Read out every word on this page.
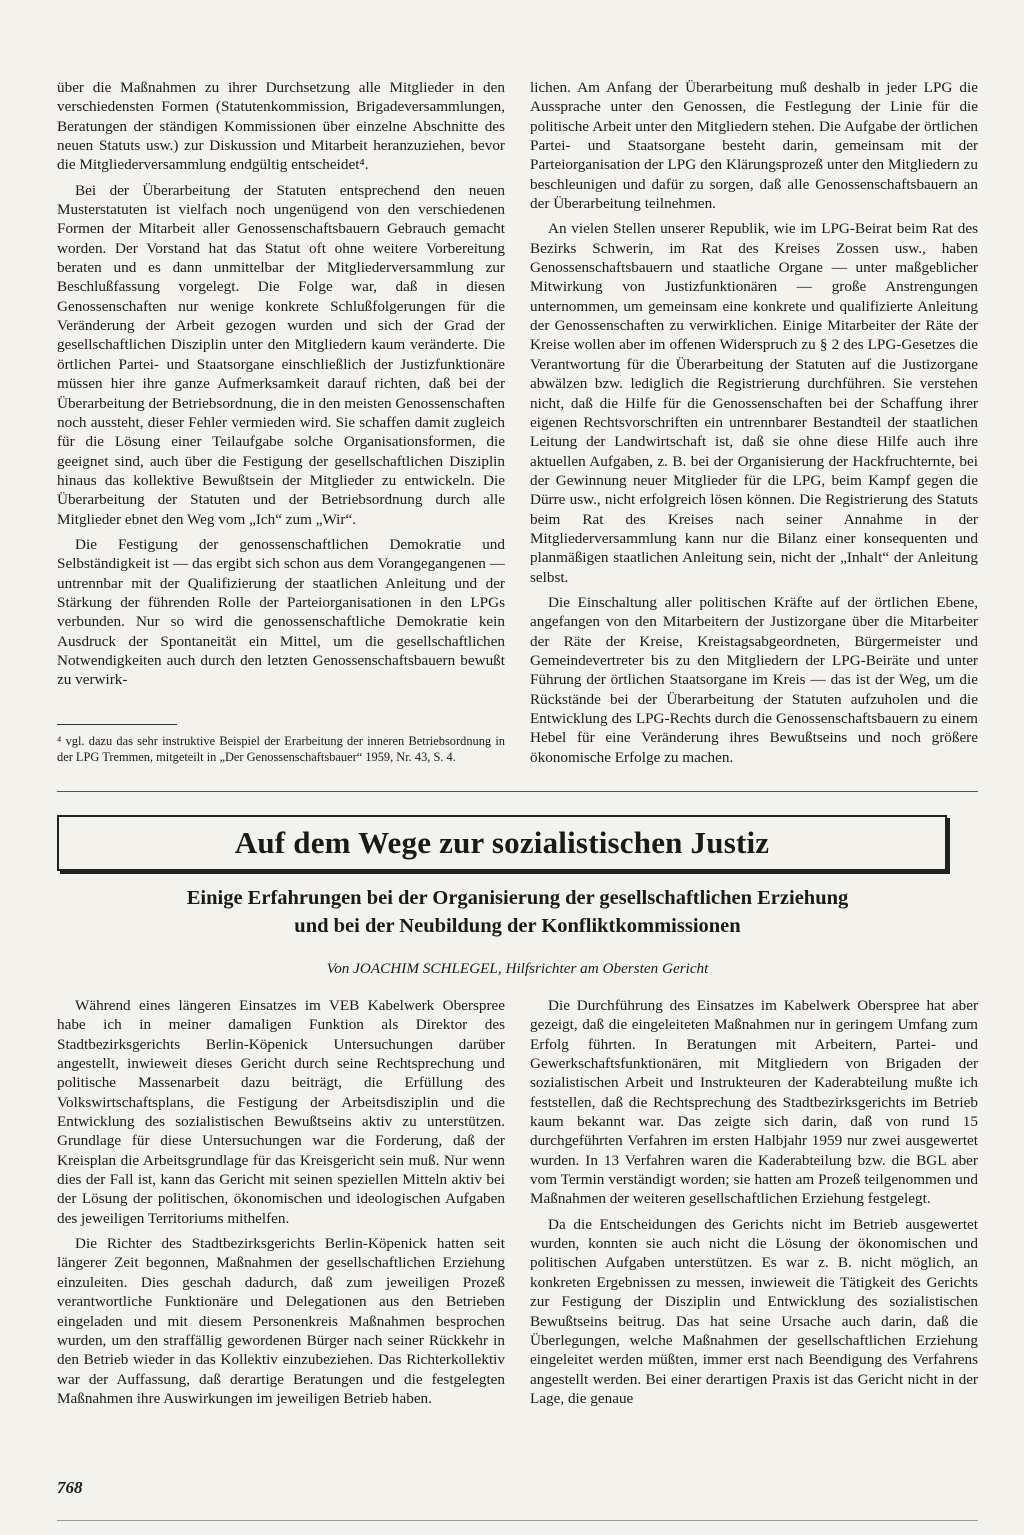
über die Maßnahmen zu ihrer Durchsetzung alle Mitglieder in den verschiedensten Formen (Statutenkommission, Brigadeversammlungen, Beratungen der ständigen Kommissionen über einzelne Abschnitte des neuen Statuts usw.) zur Diskussion und Mitarbeit heranzuziehen, bevor die Mitgliederversammlung endgültig entscheidet⁴.

Bei der Überarbeitung der Statuten entsprechend den neuen Musterstatuten ist vielfach noch ungenügend von den verschiedenen Formen der Mitarbeit aller Genossenschaftsbauern Gebrauch gemacht worden. Der Vorstand hat das Statut oft ohne weitere Vorbereitung beraten und es dann unmittelbar der Mitgliederversammlung zur Beschlußfassung vorgelegt. Die Folge war, daß in diesen Genossenschaften nur wenige konkrete Schlußfolgerungen für die Veränderung der Arbeit gezogen wurden und sich der Grad der gesellschaftlichen Disziplin unter den Mitgliedern kaum veränderte. Die örtlichen Partei- und Staatsorgane einschließlich der Justizfunktionäre müssen hier ihre ganze Aufmerksamkeit darauf richten, daß bei der Überarbeitung der Betriebsordnung, die in den meisten Genossenschaften noch aussteht, dieser Fehler vermieden wird. Sie schaffen damit zugleich für die Lösung einer Teilaufgabe solche Organisationsformen, die geeignet sind, auch über die Festigung der gesellschaftlichen Disziplin hinaus das kollektive Bewußtsein der Mitglieder zu entwickeln. Die Überarbeitung der Statuten und der Betriebsordnung durch alle Mitglieder ebnet den Weg vom „Ich“ zum „Wir“.

Die Festigung der genossenschaftlichen Demokratie und Selbständigkeit ist — das ergibt sich schon aus dem Vorangegangenen — untrennbar mit der Qualifizierung der staatlichen Anleitung und der Stärkung der führenden Rolle der Parteiorganisationen in den LPGs verbunden. Nur so wird die genossenschaftliche Demokratie kein Ausdruck der Spontaneität ein Mittel, um die gesellschaftlichen Notwendigkeiten auch durch den letzten Genossenschaftsbauern bewußt zu verwirk-

⁴ vgl. dazu das sehr instruktive Beispiel der Erarbeitung der inneren Betriebsordnung in der LPG Tremmen, mitgeteilt in „Der Genossenschaftsbauer“ 1959, Nr. 43, S. 4.

lichen. Am Anfang der Überarbeitung muß deshalb in jeder LPG die Aussprache unter den Genossen, die Festlegung der Linie für die politische Arbeit unter den Mitgliedern stehen. Die Aufgabe der örtlichen Partei- und Staatsorgane besteht darin, gemeinsam mit der Parteiorganisation der LPG den Klärungsprozeß unter den Mitgliedern zu beschleunigen und dafür zu sorgen, daß alle Genossenschaftsbauern an der Überarbeitung teilnehmen.

An vielen Stellen unserer Republik, wie im LPG-Beirat beim Rat des Bezirks Schwerin, im Rat des Kreises Zossen usw., haben Genossenschaftsbauern und staatliche Organe — unter maßgeblicher Mitwirkung von Justizfunktionären — große Anstrengungen unternommen, um gemeinsam eine konkrete und qualifizierte Anleitung der Genossenschaften zu verwirklichen. Einige Mitarbeiter der Räte der Kreise wollen aber im offenen Widerspruch zu § 2 des LPG-Gesetzes die Verantwortung für die Überarbeitung der Statuten auf die Justizorgane abwälzen bzw. lediglich die Registrierung durchführen. Sie verstehen nicht, daß die Hilfe für die Genossenschaften bei der Schaffung ihrer eigenen Rechtsvorschriften ein untrennbarer Bestandteil der staatlichen Leitung der Landwirtschaft ist, daß sie ohne diese Hilfe auch ihre aktuellen Aufgaben, z. B. bei der Organisierung der Hackfruchternte, bei der Gewinnung neuer Mitglieder für die LPG, beim Kampf gegen die Dürre usw., nicht erfolgreich lösen können. Die Registrierung des Statuts beim Rat des Kreises nach seiner Annahme in der Mitgliederversammlung kann nur die Bilanz einer konsequenten und planmäßigen staatlichen Anleitung sein, nicht der „Inhalt“ der Anleitung selbst.

Die Einschaltung aller politischen Kräfte auf der örtlichen Ebene, angefangen von den Mitarbeitern der Justizorgane über die Mitarbeiter der Räte der Kreise, Kreistagsabgeordneten, Bürgermeister und Gemeindevertreter bis zu den Mitgliedern der LPG-Beiräte und unter Führung der örtlichen Staatsorgane im Kreis — das ist der Weg, um die Rückstände bei der Überarbeitung der Statuten aufzuholen und die Entwicklung des LPG-Rechts durch die Genossenschaftsbauern zu einem Hebel für eine Veränderung ihres Bewußtseins und noch größere ökonomische Erfolge zu machen.

Auf dem Wege zur sozialistischen Justiz
Einige Erfahrungen bei der Organisierung der gesellschaftlichen Erziehung
und bei der Neubildung der Konfliktkommissionen
Von JOACHIM SCHLEGEL, Hilfsrichter am Obersten Gericht

Während eines längeren Einsatzes im VEB Kabelwerk Oberspree habe ich in meiner damaligen Funktion als Direktor des Stadtbezirksgerichts Berlin-Köpenick Untersuchungen darüber angestellt, inwieweit dieses Gericht durch seine Rechtsprechung und politische Massenarbeit dazu beiträgt, die Erfüllung des Volkswirtschaftsplans, die Festigung der Arbeitsdisziplin und die Entwicklung des sozialistischen Bewußtseins aktiv zu unterstützen. Grundlage für diese Untersuchungen war die Forderung, daß der Kreisplan die Arbeitsgrundlage für das Kreisgericht sein muß. Nur wenn dies der Fall ist, kann das Gericht mit seinen speziellen Mitteln aktiv bei der Lösung der politischen, ökonomischen und ideologischen Aufgaben des jeweiligen Territoriums mithelfen.

Die Richter des Stadtbezirksgerichts Berlin-Köpenick hatten seit längerer Zeit begonnen, Maßnahmen der gesellschaftlichen Erziehung einzuleiten. Dies geschah dadurch, daß zum jeweiligen Prozeß verantwortliche Funktionäre und Delegationen aus den Betrieben eingeladen und mit diesem Personenkreis Maßnahmen besprochen wurden, um den straffällig gewordenen Bürger nach seiner Rückkehr in den Betrieb wieder in das Kollektiv einzubeziehen. Das Richterkollektiv war der Auffassung, daß derartige Beratungen und die festgelegten Maßnahmen ihre Auswirkungen im jeweiligen Betrieb haben.

Die Durchführung des Einsatzes im Kabelwerk Oberspree hat aber gezeigt, daß die eingeleiteten Maßnahmen nur in geringem Umfang zum Erfolg führten. In Beratungen mit Arbeitern, Partei- und Gewerkschaftsfunktionären, mit Mitgliedern von Brigaden der sozialistischen Arbeit und Instrukteuren der Kaderabteilung mußte ich feststellen, daß die Rechtsprechung des Stadtbezirksgerichts im Betrieb kaum bekannt war. Das zeigte sich darin, daß von rund 15 durchgeführten Verfahren im ersten Halbjahr 1959 nur zwei ausgewertet wurden. In 13 Verfahren waren die Kaderabteilung bzw. die BGL aber vom Termin verständigt worden; sie hatten am Prozeß teilgenommen und Maßnahmen der weiteren gesellschaftlichen Erziehung festgelegt.

Da die Entscheidungen des Gerichts nicht im Betrieb ausgewertet wurden, konnten sie auch nicht die Lösung der ökonomischen und politischen Aufgaben unterstützen. Es war z. B. nicht möglich, an konkreten Ergebnissen zu messen, inwieweit die Tätigkeit des Gerichts zur Festigung der Disziplin und Entwicklung des sozialistischen Bewußtseins beitrug. Das hat seine Ursache auch darin, daß die Überlegungen, welche Maßnahmen der gesellschaftlichen Erziehung eingeleitet werden müßten, immer erst nach Beendigung des Verfahrens angestellt werden. Bei einer derartigen Praxis ist das Gericht nicht in der Lage, die genaue

768
